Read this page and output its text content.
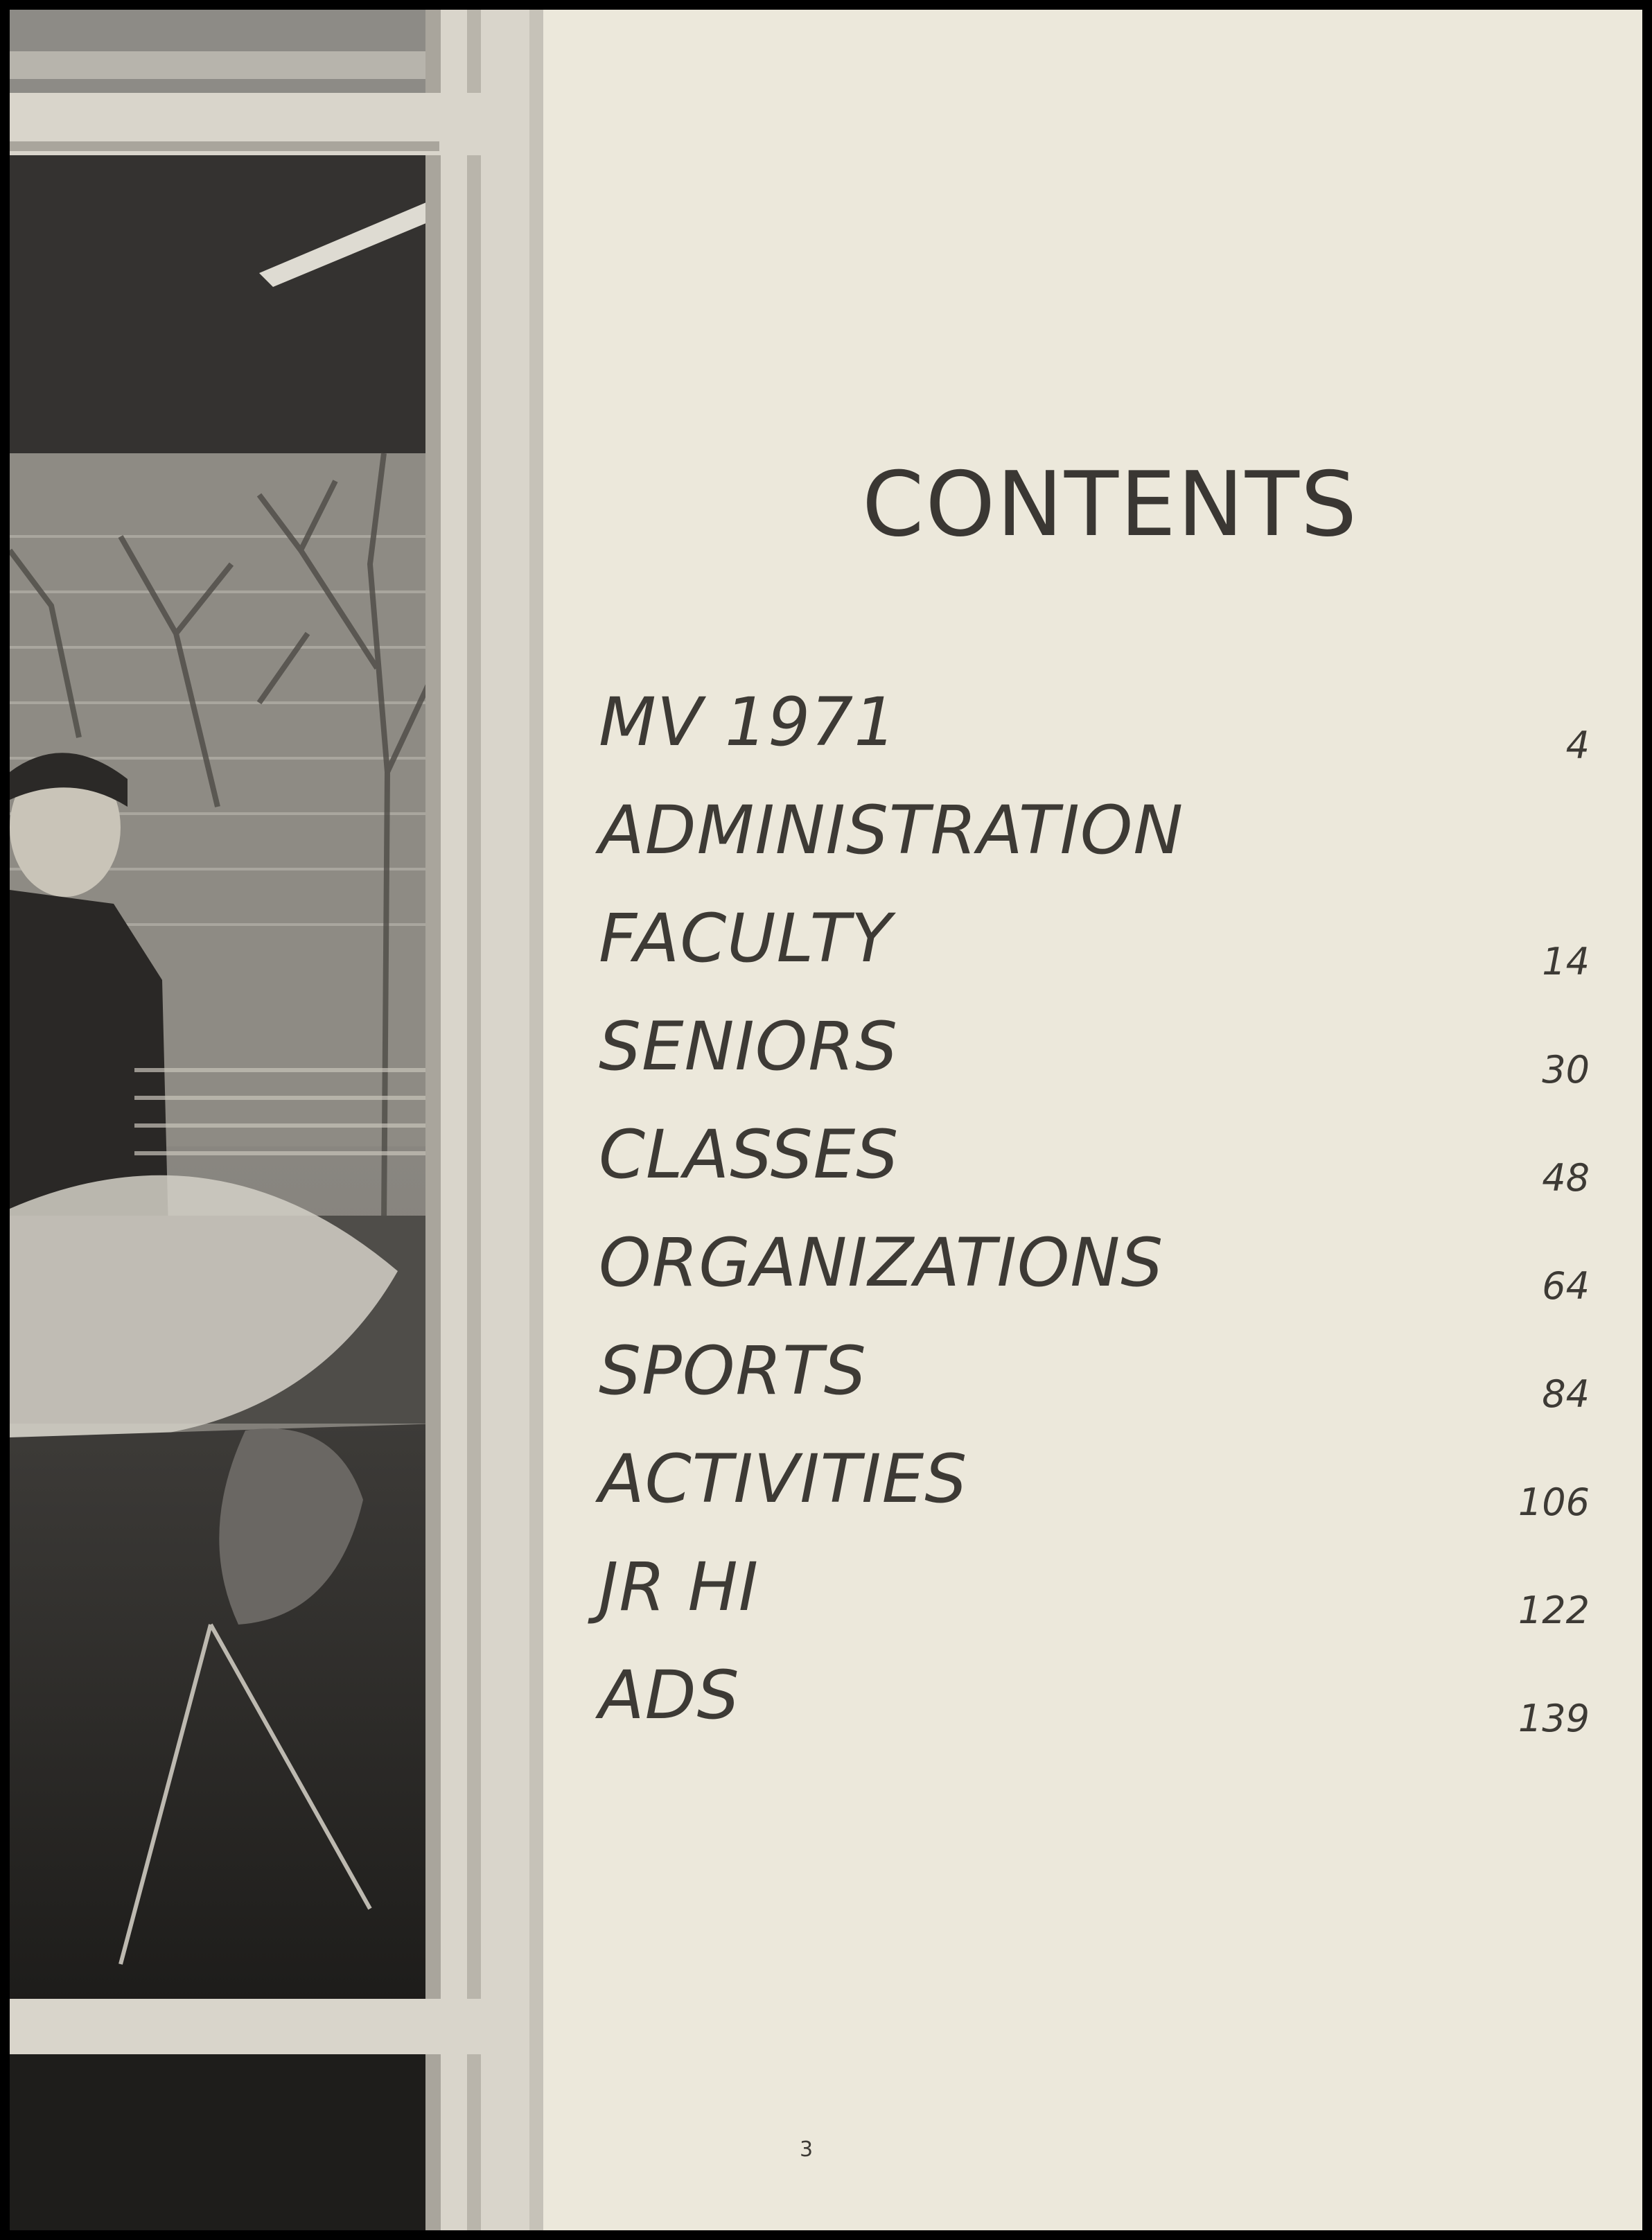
CONTENTS
MV 1971	4
ADMINISTRATION
FACULTY	14
SENIORS	30
CLASSES	48
ORGANIZATIONS	64
SPORTS	84
ACTIVITIES	106
JR HI	122
ADS	139
3
